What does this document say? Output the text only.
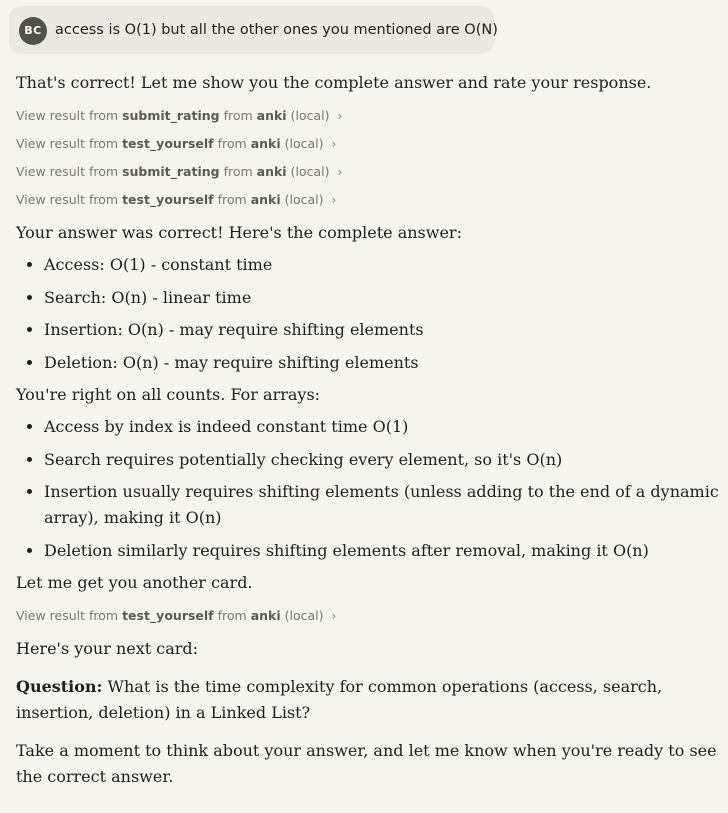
BC access is O(1) but all the other ones you mentioned are O(N)

That's correct! Let me show you the complete answer and rate your response.

View result from submit_rating from anki (local) ›
View result from test_yourself from anki (local) ›
View result from submit_rating from anki (local) ›
View result from test_yourself from anki (local) ›

Your answer was correct! Here's the complete answer:

• Access: O(1) - constant time
• Search: O(n) - linear time
• Insertion: O(n) - may require shifting elements
• Deletion: O(n) - may require shifting elements

You're right on all counts. For arrays:

• Access by index is indeed constant time O(1)
• Search requires potentially checking every element, so it's O(n)
• Insertion usually requires shifting elements (unless adding to the end of a dynamic array), making it O(n)
• Deletion similarly requires shifting elements after removal, making it O(n)

Let me get you another card.

View result from test_yourself from anki (local) ›

Here's your next card:

Question: What is the time complexity for common operations (access, search, insertion, deletion) in a Linked List?

Take a moment to think about your answer, and let me know when you're ready to see the correct answer.
